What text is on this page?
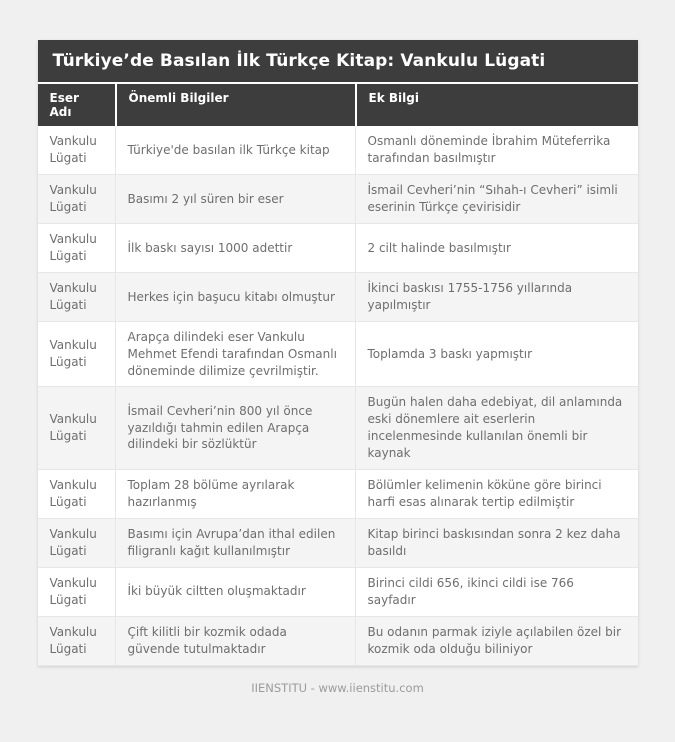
Türkiye’de Basılan İlk Türkçe Kitap: Vankulu Lügati
Eser Adı
Önemli Bilgiler	Ek Bilgi
Vankulu Lügati
Türkiye'de basılan ilk Türkçe kitap
Osmanlı döneminde İbrahim Müteferrika tarafından basılmıştır
Vankulu Lügati
Basımı 2 yıl süren bir eser
İsmail Cevheri’nin “Sıhah-ı Cevheri” isimli eserinin Türkçe çevirisidir
Vankulu Lügati
İlk baskı sayısı 1000 adettir	2 cilt halinde basılmıştır
Vankulu Lügati
Herkes için başucu kitabı olmuştur
İkinci baskısı 1755-1756 yıllarında yapılmıştır
Vankulu Lügati
Arapça dilindeki eser Vankulu Mehmet Efendi tarafından Osmanlı döneminde dilimize çevrilmiştir.
Toplamda 3 baskı yapmıştır
Vankulu Lügati
İsmail Cevheri’nin 800 yıl önce yazıldığı tahmin edilen Arapça dilindeki bir sözlüktür
Bugün halen daha edebiyat, dil anlamında eski dönemlere ait eserlerin incelenmesinde kullanılan önemli bir kaynak
Vankulu Lügati
Toplam 28 bölüme ayrılarak hazırlanmış
Bölümler kelimenin köküne göre birinci harfi esas alınarak tertip edilmiştir
Vankulu Lügati
Basımı için Avrupa’dan ithal edilen filigranlı kağıt kullanılmıştır
Kitap birinci baskısından sonra 2 kez daha basıldı
Vankulu Lügati
İki büyük ciltten oluşmaktadır
Birinci cildi 656, ikinci cildi ise 766 sayfadır
Vankulu Lügati
Çift kilitli bir kozmik odada güvende tutulmaktadır
Bu odanın parmak iziyle açılabilen özel bir kozmik oda olduğu biliniyor
IIENSTITU - www.iienstitu.com
